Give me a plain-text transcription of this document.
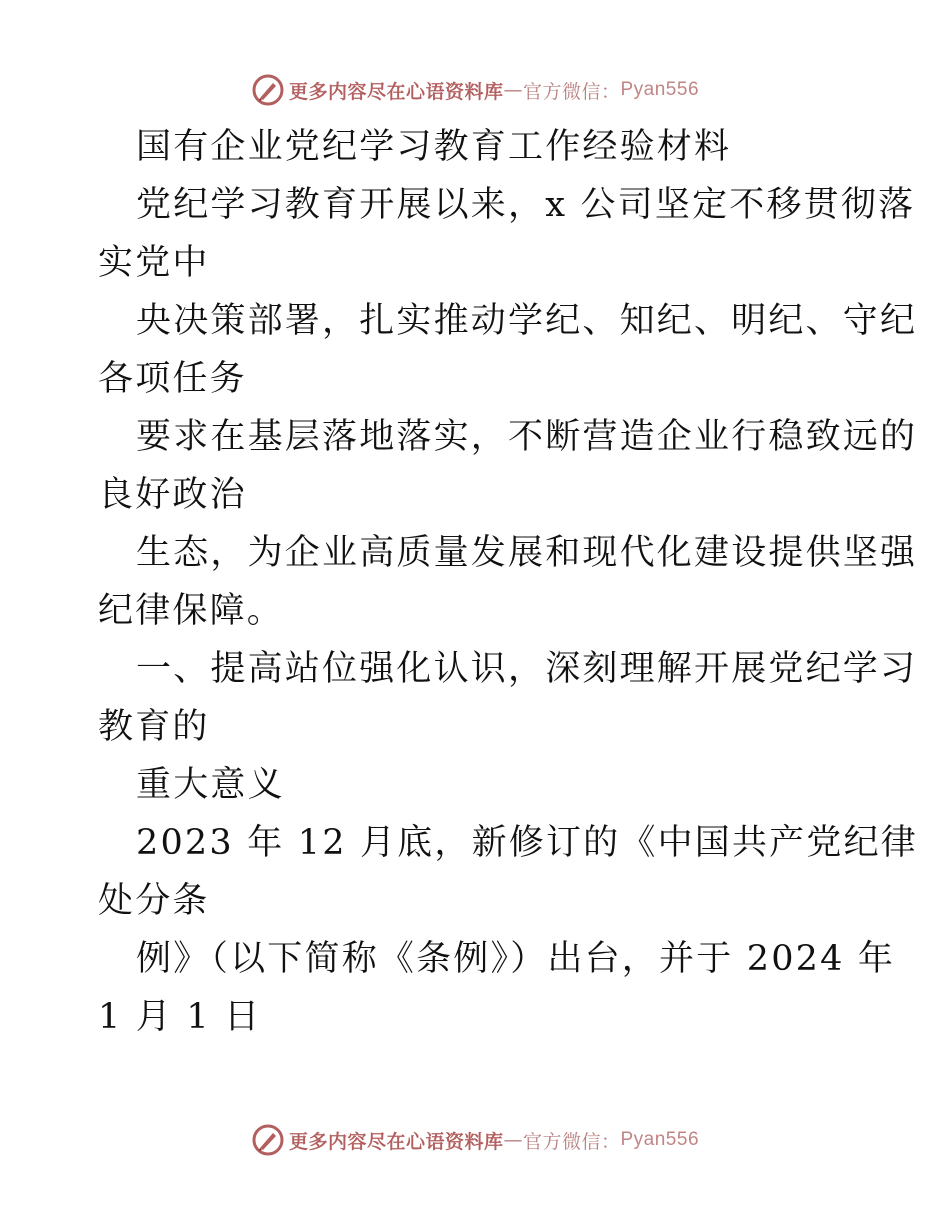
更多内容尽在心语资料库 — 官方微信： Pyan556
国有企业党纪学习教育工作经验材料
党纪学习教育开展以来，x 公司坚定不移贯彻落
实党中
央决策部署，扎实推动学纪、知纪、明纪、守纪
各项任务
要求在基层落地落实，不断营造企业行稳致远的
良好政治
生态，为企业高质量发展和现代化建设提供坚强
纪律保障。
一、提高站位强化认识，深刻理解开展党纪学习
教育的
重大意义
2023 年 12 月底，新修订的《中国共产党纪律
处分条
例》（以下简称《条例》）出台，并于 2024 年
1 月 1 日
更多内容尽在心语资料库 — 官方微信： Pyan556
